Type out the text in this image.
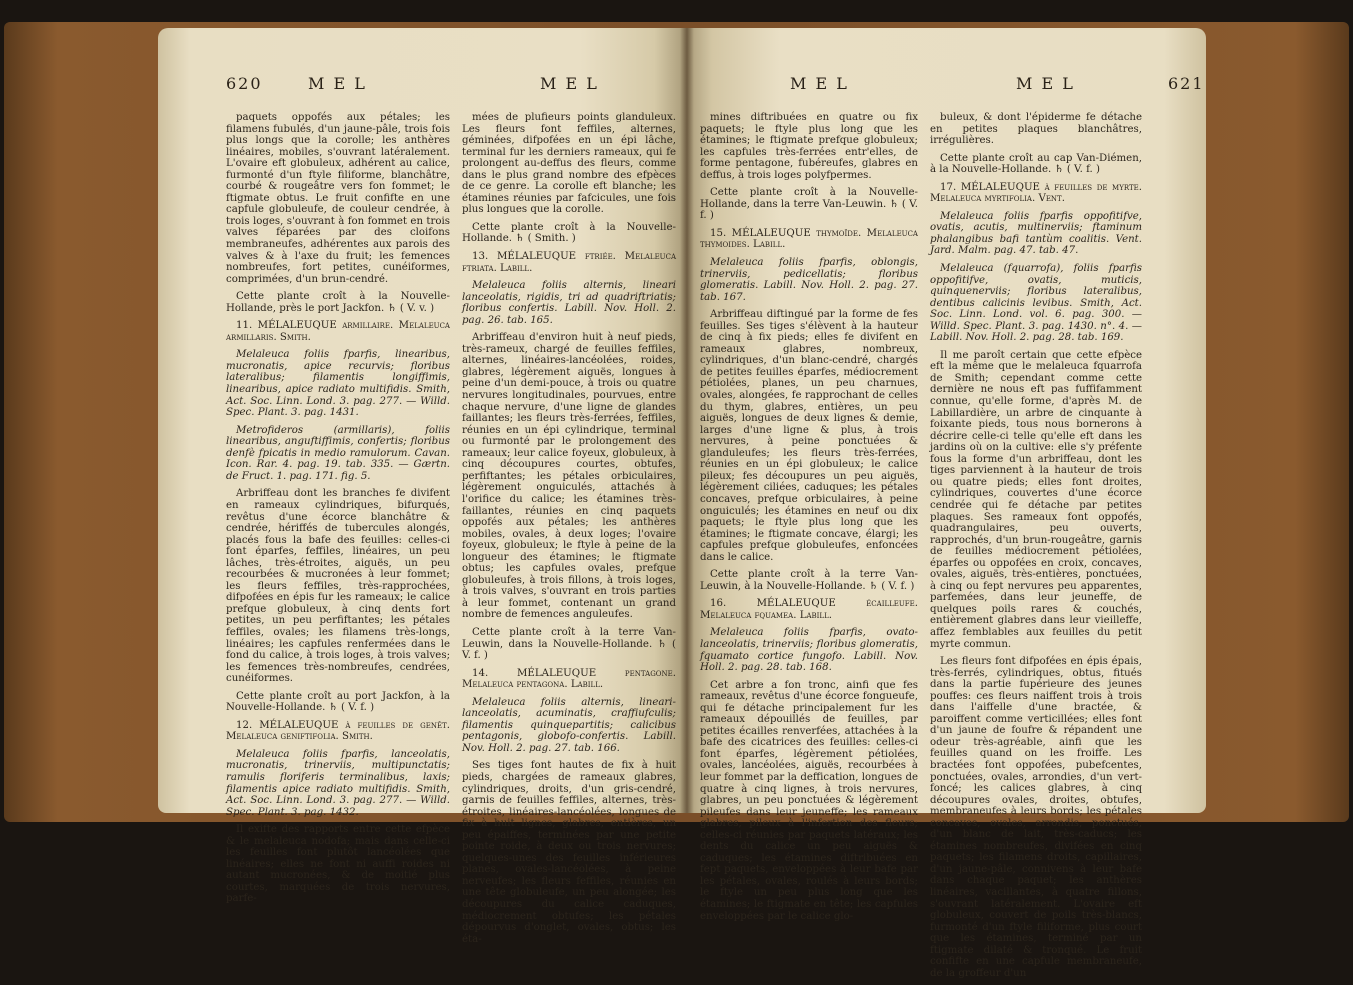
620	M E L	M E L

paquets oppofés aux pétales; les filamens fubulés, d'un jaune-pâle, trois fois plus longs que la corolle; les anthères linéaires, mobiles, s'ouvrant latéralement. L'ovaire eft globuleux, adhérent au calice, furmonté d'un ftyle filiforme, blanchâtre, courbé & rougeâtre vers fon fommet; le ftigmate obtus. Le fruit confifte en une capfule globuleufe, de couleur cendrée, à trois loges, s'ouvrant à fon fommet en trois valves féparées par des cloifons membraneufes, adhérentes aux parois des valves & à l'axe du fruit; les femences nombreufes, fort petites, cunéiformes, comprimées, d'un brun-cendré.

Cette plante croît à la Nouvelle-Hollande, près le port Jackfon. ♄ ( V. v. )

11. MÉLALEUQUE armillaire. Melaleuca armillaris. Smith.

Melaleuca foliis fparfis, linearibus, mucronatis, apice recurvis; floribus lateralibus; filamentis longiffimis, linearibus, apice radiato multifidis. Smith, Act. Soc. Linn. Lond. 3. pag. 277. — Willd. Spec. Plant. 3. pag. 1431.

Metrofideros (armillaris), foliis linearibus, anguftiffimis, confertis; floribus denfè fpicatis in medio ramulorum. Cavan. Icon. Rar. 4. pag. 19. tab. 335. — Gærtn. de Fruct. 1. pag. 171. fig. 5.

Arbriffeau dont les branches fe divifent en rameaux cylindriques, bifurqués, revêtus d'une écorce blanchâtre & cendrée, hériffés de tubercules alongés, placés fous la bafe des feuilles: celles-ci font éparfes, feffiles, linéaires, un peu lâches, très-étroites, aiguës, un peu recourbées & mucronées à leur fommet; les fleurs feffiles, très-rapprochées, difpofées en épis fur les rameaux; le calice prefque globuleux, à cinq dents fort petites, un peu perfiftantes; les pétales feffiles, ovales; les filamens très-longs, linéaires; les capfules renfermées dans le fond du calice, à trois loges, à trois valves; les femences très-nombreufes, cendrées, cunéiformes.

Cette plante croît au port Jackfon, à la Nouvelle-Hollande. ♄ ( V. f. )

12. MÉLALEUQUE à feuilles de genêt. Melaleuca geniftifolia. Smith.

Melaleuca foliis fparfis, lanceolatis, mucronatis, trinerviis, multipunctatis; ramulis floriferis terminalibus, laxis; filamentis apice radiato multifidis. Smith, Act. Soc. Linn. Lond. 3. pag. 277. — Willd. Spec. Plant. 3. pag. 1432.

Il exifte des rapports entre cette efpèce & le melaleuca nodofa; mais dans celle-ci les feuilles font plutôt lancéolées que linéaires; elles ne font ni auffi roides ni autant mucronées, & de moitié plus courtes, marquées de trois nervures, parfe-

mées de plufieurs points glanduleux. Les fleurs font feffiles, alternes, géminées, difpofées en un épi lâche, terminal fur les derniers rameaux, qui fe prolongent au-deffus des fleurs, comme dans le plus grand nombre des efpèces de ce genre. La corolle eft blanche; les étamines réunies par fafcicules, une fois plus longues que la corolle.

Cette plante croît à la Nouvelle-Hollande. ♄ ( Smith. )

13. MÉLALEUQUE ftriée. Melaleuca ftriata. Labill.

Melaleuca foliis alternis, lineari lanceolatis, rigidis, tri ad quadriftriatis; floribus confertis. Labill. Nov. Holl. 2. pag. 26. tab. 165.

Arbriffeau d'environ huit à neuf pieds, très-rameux, chargé de feuilles feffiles, alternes, linéaires-lancéolées, roides, glabres, légèrement aiguës, longues à peine d'un demi-pouce, à trois ou quatre nervures longitudinales, pourvues, entre chaque nervure, d'une ligne de glandes faillantes; les fleurs très-ferrées, feffiles, réunies en un épi cylindrique, terminal ou furmonté par le prolongement des rameaux; leur calice foyeux, globuleux, à cinq découpures courtes, obtufes, perfiftantes; les pétales orbiculaires, légèrement onguiculés, attachés à l'orifice du calice; les étamines très-faillantes, réunies en cinq paquets oppofés aux pétales; les anthères mobiles, ovales, à deux loges; l'ovaire foyeux, globuleux; le ftyle à peine de la longueur des étamines; le ftigmate obtus; les capfules ovales, prefque globuleufes, à trois fillons, à trois loges, à trois valves, s'ouvrant en trois parties à leur fommet, contenant un grand nombre de femences anguleufes.

Cette plante croît à la terre Van-Leuwin, dans la Nouvelle-Hollande. ♄ ( V. f. )

14. MÉLALEUQUE pentagone. Melaleuca pentagona. Labill.

Melaleuca foliis alternis, lineari-lanceolatis, acuminatis, craffiufculis; filamentis quinquepartitis; calicibus pentagonis, globofo-confertis. Labill. Nov. Holl. 2. pag. 27. tab. 166.

Ses tiges font hautes de fix à huit pieds, chargées de rameaux glabres, cylindriques, droits, d'un gris-cendré, garnis de feuilles feffiles, alternes, très-étroites, linéaires-lancéolées, longues de fix à huit lignes, glabres, entières, un peu épaiffes, terminées par une petite pointe roide, à deux ou trois nervures; quelques-unes des feuilles inférieures planes, ovales-lancéolées, à peine nerveufes; les fleurs feffiles, réunies en une tête globuleufe, un peu alongée; les découpures du calice caduques, médiocrement obtufes; les pétales dépourvus d'onglet, ovales, obtus; les éta-

M E L	M E L	621

mines diftribuées en quatre ou fix paquets; le ftyle plus long que les étamines; le ftigmate prefque globuleux; les capfules très-ferrées entr'elles, de forme pentagone, fubéreufes, glabres en deffus, à trois loges polyfpermes.

Cette plante croît à la Nouvelle-Hollande, dans la terre Van-Leuwin. ♄ ( V. f. )

15. MÉLALEUQUE thymoïde. Melaleuca thymoides. Labill.

Melaleuca foliis fparfis, oblongis, trinerviis, pedicellatis; floribus glomeratis. Labill. Nov. Holl. 2. pag. 27. tab. 167.

Arbriffeau diftingué par la forme de fes feuilles. Ses tiges s'élèvent à la hauteur de cinq à fix pieds; elles fe divifent en rameaux glabres, nombreux, cylindriques, d'un blanc-cendré, chargés de petites feuilles éparfes, médiocrement pétiolées, planes, un peu charnues, ovales, alongées, fe rapprochant de celles du thym, glabres, entières, un peu aiguës, longues de deux lignes & demie, larges d'une ligne & plus, à trois nervures, à peine ponctuées & glanduleufes; les fleurs très-ferrées, réunies en un épi globuleux; le calice pileux; fes découpures un peu aiguës, légèrement ciliées, caduques; les pétales concaves, prefque orbiculaires, à peine onguiculés; les étamines en neuf ou dix paquets; le ftyle plus long que les étamines; le ftigmate concave, élargi; les capfules prefque globuleufes, enfoncées dans le calice.

Cette plante croît à la terre Van-Leuwin, à la Nouvelle-Hollande. ♄ ( V. f. )

16. MÉLALEUQUE écailleufe. Melaleuca fquamea. Labill.

Melaleuca foliis fparfis, ovato-lanceolatis, trinerviis; floribus glomeratis, fquamato cortice fungofo. Labill. Nov. Holl. 2. pag. 28. tab. 168.

Cet arbre a fon tronc, ainfi que fes rameaux, revêtus d'une écorce fongueufe, qui fe détache principalement fur les rameaux dépouillés de feuilles, par petites écailles renverfées, attachées à la bafe des cicatrices des feuilles: celles-ci font éparfes, légèrement pétiolées, ovales, lancéolées, aiguës, recourbées à leur fommet par la deffication, longues de quatre à cinq lignes, à trois nervures, glabres, un peu ponctuées & légèrement pileufes dans leur jeuneffe; les rameaux glabres, pileux à l'infertion des fleurs; celles-ci réunies par paquets latéraux; les dents du calice un peu aiguës & caduques; les étamines diftribuées en fept paquets, enveloppées à leur bafe par les pétales, ovales, roulés à leurs bords; le ftyle un peu plus long que les étamines; le ftigmate en tête; les capfules enveloppées par le calice glo-

buleux, & dont l'épiderme fe détache en petites plaques blanchâtres, irrégulières.

Cette plante croît au cap Van-Diémen, à la Nouvelle-Hollande. ♄ ( V. f. )

17. MÉLALEUQUE à feuilles de myrte. Melaleuca myrtifolia. Vent.

Melaleuca foliis fparfis oppofitifve, ovatis, acutis, multinerviis; ftaminum phalangibus bafi tantùm coalitis. Vent. Jard. Malm. pag. 47. tab. 47.

Melaleuca (fquarrofa), foliis fparfis oppofitifve, ovatis, muticis, quinquenerviis; floribus lateralibus, dentibus calicinis levibus. Smith, Act. Soc. Linn. Lond. vol. 6. pag. 300. — Willd. Spec. Plant. 3. pag. 1430. n°. 4. — Labill. Nov. Holl. 2. pag. 28. tab. 169.

Il me paroît certain que cette efpèce eft la même que le melaleuca fquarrofa de Smith; cependant comme cette dernière ne nous eft pas fuffifamment connue, qu'elle forme, d'après M. de Labillardière, un arbre de cinquante à foixante pieds, tous nous bornerons à décrire celle-ci telle qu'elle eft dans les jardins où on la cultive: elle s'y préfente fous la forme d'un arbriffeau, dont les tiges parviennent à la hauteur de trois ou quatre pieds; elles font droites, cylindriques, couvertes d'une écorce cendrée qui fe détache par petites plaques. Ses rameaux font oppofés, quadrangulaires, peu ouverts, rapprochés, d'un brun-rougeâtre, garnis de feuilles médiocrement pétiolées, éparfes ou oppofées en croix, concaves, ovales, aiguës, très-entières, ponctuées, à cinq ou fept nervures peu apparentes, parfemées, dans leur jeuneffe, de quelques poils rares & couchés, entièrement glabres dans leur vieilleffe, affez femblables aux feuilles du petit myrte commun.

Les fleurs font difpofées en épis épais, très-ferrés, cylindriques, obtus, fitués dans la partie fupérieure des jeunes pouffes: ces fleurs naiffent trois à trois dans l'aiffelle d'une bractée, & paroiffent comme verticillées; elles font d'un jaune de foufre & répandent une odeur très-agréable, ainfi que les feuilles quand on les froiffe. Les bractées font oppofées, pubefcentes, ponctuées, ovales, arrondies, d'un vert-foncé; les calices glabres, à cinq découpures ovales, droites, obtufes, membraneufes à leurs bords; les pétales concaves, ovales, arrondis, ponctués, d'un blanc de lait, très-caducs; les étamines nombreufes, divifées en cinq paquets; les filamens droits, capillaires, d'un jaune-pâle, connivens à leur bafe dans chaque paquet; les anthères linéaires, vacillantes, à quatre fillons, s'ouvrant latéralement. L'ovaire eft globuleux, couvert de poils très-blancs, furmonté d'un ftyle filiforme, plus court que les étamines, terminé par un ftigmate dilaté & tronqué. Le fruit confifte en une capfule membraneufe, de la groffeur d'un
